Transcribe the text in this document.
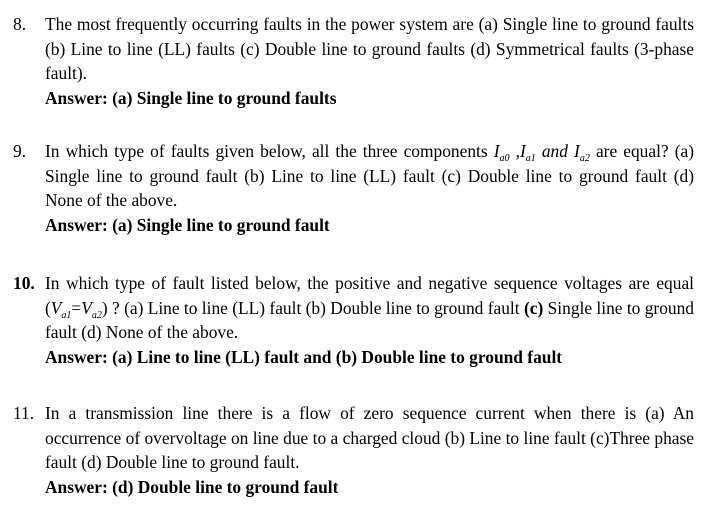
8. The most frequently occurring faults in the power system are (a) Single line to ground faults (b) Line to line (LL) faults (c) Double line to ground faults (d) Symmetrical faults (3-phase fault).
Answer: (a) Single line to ground faults
9. In which type of faults given below, all the three components $I_{a0}$ $,I_{a1}$ and $I_{a2}$ are equal? (a) Single line to ground fault (b) Line to line (LL) fault (c) Double line to ground fault (d) None of the above.
Answer: (a) Single line to ground fault
10. In which type of fault listed below, the positive and negative sequence voltages are equal $(V_{a1}=V_{a2})$ ? (a) Line to line (LL) fault (b) Double line to ground fault (c) Single line to ground fault (d) None of the above.
Answer: (a) Line to line (LL) fault and (b) Double line to ground fault
11. In a transmission line there is a flow of zero sequence current when there is (a) An occurrence of overvoltage on line due to a charged cloud (b) Line to line fault (c)Three phase fault (d) Double line to ground fault.
Answer: (d) Double line to ground fault
